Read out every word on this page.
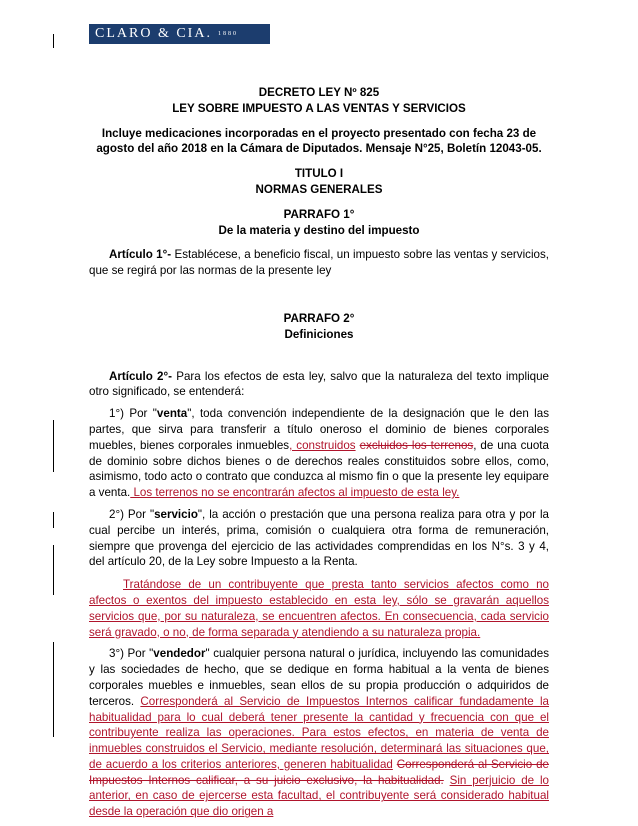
CLARO & CIA. 1880
DECRETO LEY Nº 825
LEY SOBRE IMPUESTO A LAS VENTAS Y SERVICIOS
Incluye medicaciones incorporadas en el proyecto presentado con fecha 23 de agosto del año 2018 en la Cámara de Diputados. Mensaje N°25, Boletín 12043-05.
TITULO I
NORMAS GENERALES
PARRAFO 1°
De la materia y destino del impuesto

Artículo 1°- Establécese, a beneficio fiscal, un impuesto sobre las ventas y servicios, que se regirá por las normas de la presente ley

PARRAFO 2°
Definiciones

Artículo 2°- Para los efectos de esta ley, salvo que la naturaleza del texto implique otro significado, se entenderá:

1°) Por "venta", toda convención independiente de la designación que le den las partes, que sirva para transferir a título oneroso el dominio de bienes corporales muebles, bienes corporales inmuebles, construidos excluidos los terrenos, de una cuota de dominio sobre dichos bienes o de derechos reales constituidos sobre ellos, como, asimismo, todo acto o contrato que conduzca al mismo fin o que la presente ley equipare a venta. Los terrenos no se encontrarán afectos al impuesto de esta ley.

2°) Por "servicio", la acción o prestación que una persona realiza para otra y por la cual percibe un interés, prima, comisión o cualquiera otra forma de remuneración, siempre que provenga del ejercicio de las actividades comprendidas en los N°s. 3 y 4, del artículo 20, de la Ley sobre Impuesto a la Renta.

Tratándose de un contribuyente que presta tanto servicios afectos como no afectos o exentos del impuesto establecido en esta ley, sólo se gravarán aquellos servicios que, por su naturaleza, se encuentren afectos. En consecuencia, cada servicio será gravado, o no, de forma separada y atendiendo a su naturaleza propia.

3°) Por "vendedor" cualquier persona natural o jurídica, incluyendo las comunidades y las sociedades de hecho, que se dedique en forma habitual a la venta de bienes corporales muebles e inmuebles, sean ellos de su propia producción o adquiridos de terceros. Corresponderá al Servicio de Impuestos Internos calificar fundadamente la habitualidad para lo cual deberá tener presente la cantidad y frecuencia con que el contribuyente realiza las operaciones. Para estos efectos, en materia de venta de inmuebles construidos el Servicio, mediante resolución, determinará las situaciones que, de acuerdo a los criterios anteriores, generen habitualidad Corresponderá al Servicio de Impuestos Internos calificar, a su juicio exclusivo, la habitualidad. Sin perjuicio de lo anterior, en caso de ejercerse esta facultad, el contribuyente será considerado habitual desde la operación que dio origen a
